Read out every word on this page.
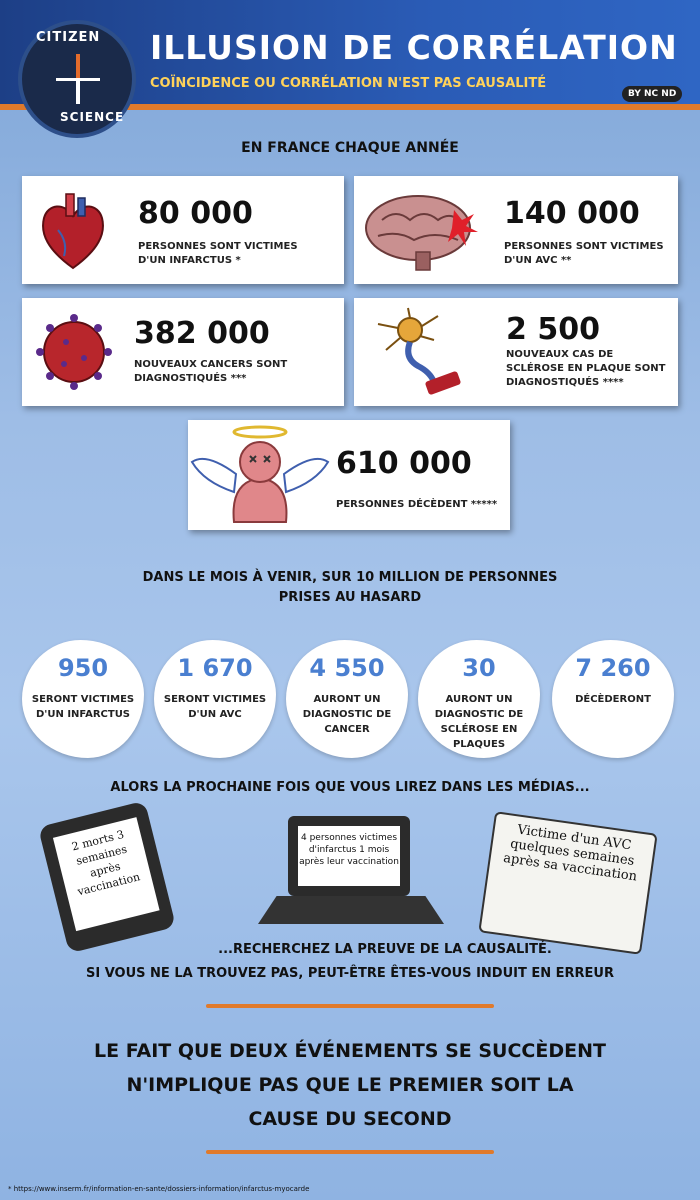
CITIZEN
SCIENCE
ILLUSION DE CORRÉLATION
COÏNCIDENCE OU CORRÉLATION N'EST PAS CAUSALITÉ
BY NC ND
EN FRANCE CHAQUE ANNÉE
80 000
PERSONNES SONT VICTIMES D'UN INFARCTUS *
140 000
PERSONNES SONT VICTIMES D'UN AVC **
382 000
NOUVEAUX CANCERS SONT DIAGNOSTIQUÉS ***
2 500
NOUVEAUX CAS DE SCLÉROSE EN PLAQUE SONT DIAGNOSTIQUÉS ****
610 000
PERSONNES DÉCÈDENT *****
DANS LE MOIS À VENIR, SUR 10 MILLION DE PERSONNES
PRISES AU HASARD
950
SERONT VICTIMES D'UN INFARCTUS
1 670
SERONT VICTIMES D'UN AVC
4 550
AURONT UN DIAGNOSTIC DE CANCER
30
AURONT UN DIAGNOSTIC DE SCLÉROSE EN PLAQUES
7 260
DÉCÈDERONT
ALORS LA PROCHAINE FOIS QUE VOUS LIREZ DANS LES MÉDIAS...
2 morts 3 semaines après vaccination
4 personnes victimes d'infarctus 1 mois après leur vaccination
Victime d'un AVC quelques semaines après sa vaccination
...RECHERCHEZ LA PREUVE DE LA CAUSALITÉ.
SI VOUS NE LA TROUVEZ PAS, PEUT-ÊTRE ÊTES-VOUS INDUIT EN ERREUR
LE FAIT QUE DEUX ÉVÉNEMENTS SE SUCCÈDENT
N'IMPLIQUE PAS QUE LE PREMIER SOIT LA
CAUSE DU SECOND
* https://www.inserm.fr/information-en-sante/dossiers-information/infarctus-myocarde
